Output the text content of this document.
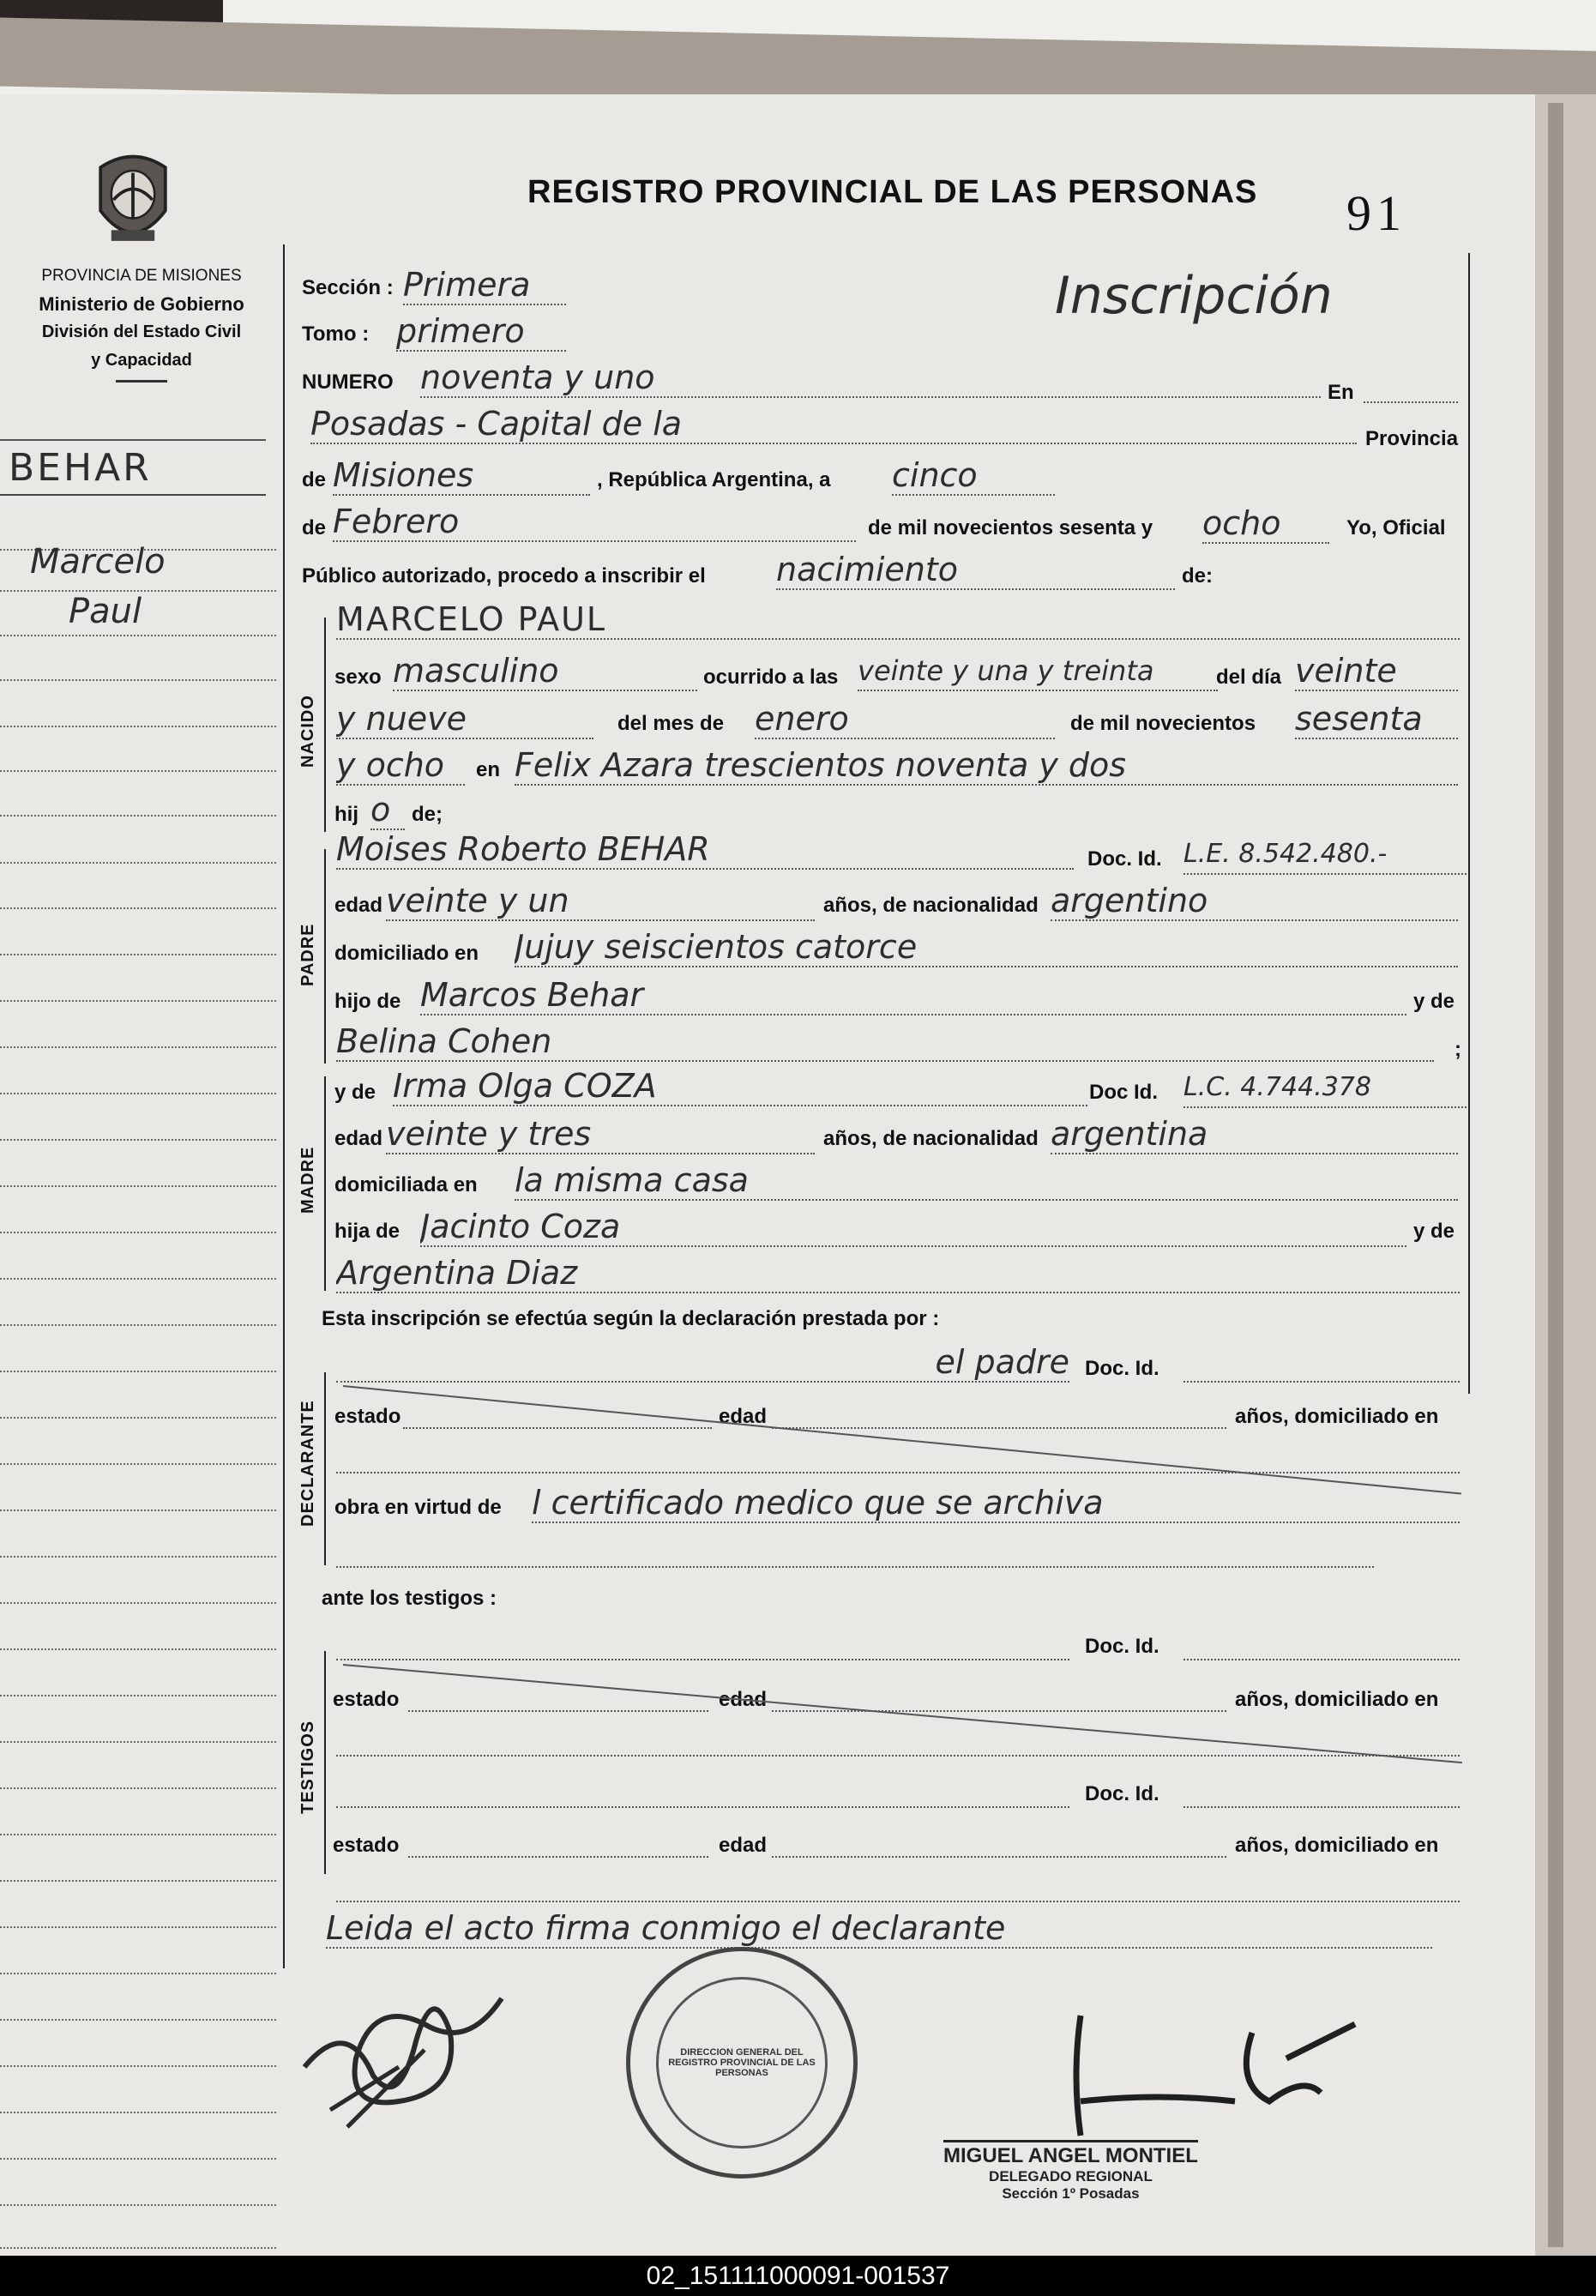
PROVINCIA DE MISIONES
Ministerio de Gobierno
División del Estado Civil
y Capacidad
BEHAR
Marcelo
Paul
REGISTRO PROVINCIAL DE LAS PERSONAS 91
Inscripción
Sección : Primera
Tomo : primero
NUMERO noventa y uno	En
Posadas - Capital de la	Provincia
de Misiones	, República Argentina, a cinco
de Febrero	de mil novecientos sesenta y ocho	Yo, Oficial
Público autorizado, procedo a inscribir el nacimiento	de:
NACIDO
MARCELO PAUL
sexo masculino	ocurrido a las veinte y una y treinta	del día veinte
y nueve	del mes de enero	de mil novecientos sesenta
y ocho	en Felix Azara trescientos noventa y dos
hij o	de;
PADRE
Moises Roberto BEHAR	Doc. Id. L.E. 8.542.480.-
edad veinte y un	años, de nacionalidad argentino
domiciliado en Jujuy seiscientos catorce
hijo de Marcos Behar	y de
Belina Cohen	;
MADRE
y de Irma Olga COZA	Doc Id. L.C. 4.744.378
edad veinte y tres	años, de nacionalidad argentina
domiciliada en la misma casa
hija de Jacinto Coza	y de
Argentina Diaz
Esta inscripción se efectúa según la declaración prestada por :
DECLARANTE
el padre Doc. Id.
estado	edad	años, domiciliado en
obra en virtud de l certificado medico que se archiva
ante los testigos :
TESTIGOS
Doc. Id.
estado	edad	años, domiciliado en
Doc. Id.
estado	edad	años, domiciliado en
Leida el acto firma conmigo el declarante
DIRECCION GENERAL DEL REGISTRO PROVINCIAL DE LAS PERSONAS
MIGUEL ANGEL MONTIEL
DELEGADO REGIONAL
Sección 1º Posadas
02_151111000091-001537
